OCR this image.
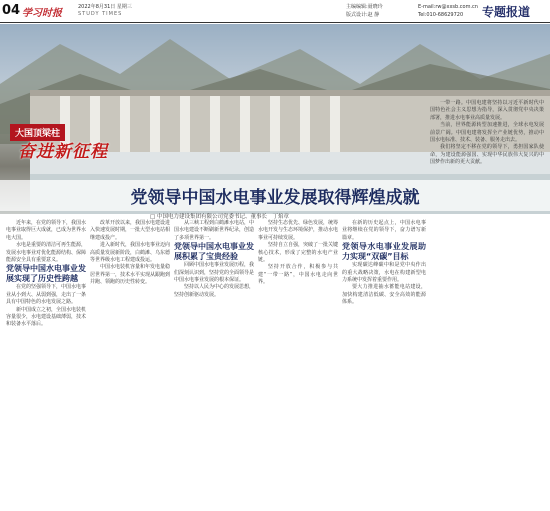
04 学习时报
2022年8月31日 星期三
STUDY TIMES
主编编辑:聂晓玲
版式设计:赵 静
E-mail:rw@xxsb.com.cn
Tel:010-68629720	专题报道
大国顶梁柱
奋进新征程
党领导中国水电事业发展取得辉煌成就
□ 中国电力建设集团有限公司党委书记、董事长　丁焰章

近年来，在党的领导下，我国水电事业取得巨大成就，已成为世界水电大国。

水电是重要的清洁可再生能源，发展水电事业对优化能源结构、保障能源安全具有重要意义。

党领导中国水电事业发展实现了历史性跨越

在党的坚强领导下，中国水电事业从小到大、从弱到强，走出了一条具有中国特色的水电发展之路。

新中国成立之初，全国水电装机容量很少，水电建设基础薄弱，技术和装备水平落后。

改革开放以来，我国水电建设进入快速发展时期，一批大型水电站相继建成投产。

进入新时代，我国水电事业迈向高质量发展新阶段，白鹤滩、乌东德等世界级水电工程建成投运。

中国水电装机容量和年发电量稳居世界第一，技术水平实现从跟跑到并跑、领跑的历史性转变。

从三峡工程到白鹤滩水电站，中国水电建设不断刷新世界纪录，创造了多项世界第一。

党领导中国水电事业发展积累了宝贵经验

回顾中国水电事业发展历程，我们深刻认识到，坚持党的全面领导是中国水电事业发展的根本保证。

坚持以人民为中心的发展思想，坚持创新驱动发展。

坚持生态优先、绿色发展，统筹水电开发与生态环境保护，推动水电事业可持续发展。

坚持自立自强，突破了一批关键核心技术，形成了完整的水电产业链。

坚持开放合作，积极参与共建“一带一路”，中国水电走向世界。

在新的历史起点上，中国水电事业将继续在党的领导下，奋力谱写新篇章。

党领导水电事业发展助力实现“双碳”目标

实现碳达峰碳中和是党中央作出的重大战略决策，水电在构建新型电力系统中发挥着重要作用。

要大力推进抽水蓄能电站建设，加快构建清洁低碳、安全高效的能源体系。

一带一路。中国电建将坚持以习近平新时代中国特色社会主义思想为指导，深入贯彻党中央决策部署，推进水电事业高质量发展。

当前，世界能源转型加速推进，全球水电发展前景广阔。中国电建将发挥全产业链优势，推动中国水电标准、技术、装备、服务走出去。

我们将坚定不移在党的领导下，勇担国家队使命，为建设能源强国、实现中华民族伟大复兴的中国梦作出新的更大贡献。
